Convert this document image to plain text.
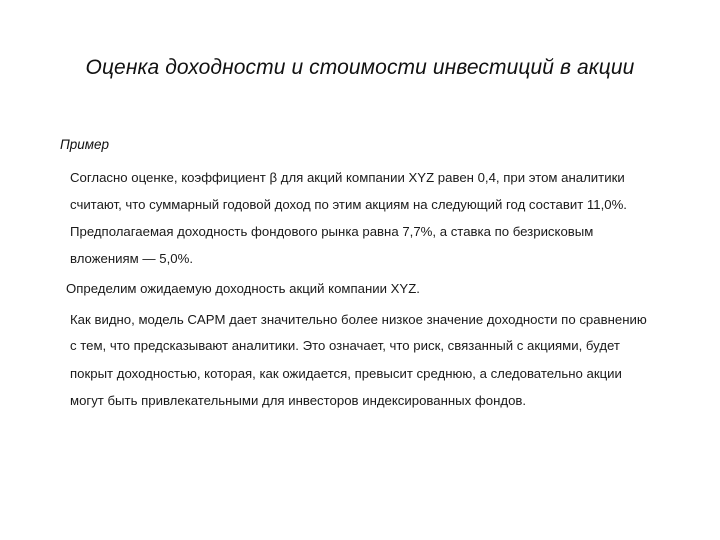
Оценка доходности и стоимости инвестиций в акции

Пример

Согласно оценке, коэффициент β для акций компании XYZ равен 0,4, при этом аналитики

считают, что суммарный годовой доход по этим акциям на следующий год составит 11,0%.

Предполагаемая доходность фондового рынка равна 7,7%, а ставка по безрисковым

вложениям — 5,0%.

Определим ожидаемую доходность акций компании XYZ.

Как видно, модель CAPM дает значительно более низкое значение доходности по сравнению

с тем, что предсказывают аналитики. Это означает, что риск, связанный с акциями, будет

покрыт доходностью, которая, как ожидается, превысит среднюю, а следовательно акции

могут быть привлекательными для инвесторов индексированных фондов.
